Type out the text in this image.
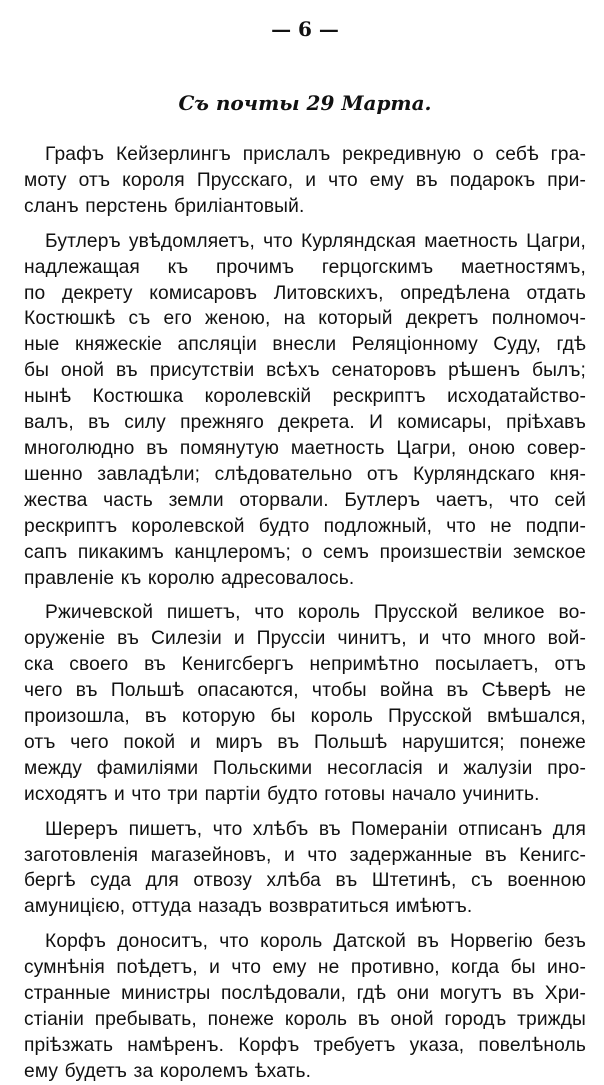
— 6 —
Съ почты 29 Марта.
Графъ Кейзерлингъ прислалъ рекредивную о себѣ гра-
моту отъ короля Прусскаго, и что ему въ подарокъ при-
сланъ перстень бриліантовый.
Бутлеръ увѣдомляетъ, что Курляндская маетность Цагри,
надлежащая къ прочимъ герцогскимъ маетностямъ,
по декрету комисаровъ Литовскихъ, опредѣлена отдать
Костюшкѣ съ его женою, на который декретъ полномоч-
ные княжескіе апсляціи внесли Реляціонному Суду, гдѣ
бы оной въ присутствіи всѣхъ сенаторовъ рѣшенъ былъ;
нынѣ Костюшка королевскій рескриптъ исходатайство-
валъ, въ силу прежняго декрета. И комисары, пріѣхавъ
многолюдно въ помянутую маетность Цагри, оною совер-
шенно завладѣли; слѣдовательно отъ Курляндскаго кня-
жества часть земли оторвали. Бутлеръ чаетъ, что сей
рескриптъ королевской будто подложный, что не подпи-
сапъ пикакимъ канцлеромъ; о семъ произшествіи земское
правленіе къ королю адресовалось.
Ржичевской пишетъ, что король Прусской великое во-
оруженіе въ Силезіи и Пруссіи чинитъ, и что много вой-
ска своего въ Кенигсбергъ непримѣтно посылаетъ, отъ
чего въ Польшѣ опасаются, чтобы война въ Сѣверѣ не
произошла, въ которую бы король Прусской вмѣшался,
отъ чего покой и миръ въ Польшѣ нарушится; понеже
между фамиліями Польскими несогласія и жалузіи про-
исходятъ и что три партіи будто готовы начало учинить.
Шереръ пишетъ, что хлѣбъ въ Помераніи отписанъ для
заготовленія магазейновъ, и что задержанные въ Кенигс-
бергѣ суда для отвозу хлѣба въ Штетинѣ, съ военною
амуницією, оттуда назадъ возвратиться имѣютъ.
Корфъ доноситъ, что король Датской въ Норвегію безъ
сумнѣнія поѣдетъ, и что ему не противно, когда бы ино-
странные министры послѣдовали, гдѣ они могутъ въ Хри-
стіаніи пребывать, понеже король въ оной городъ трижды
пріѣзжать намѣренъ. Корфъ требуетъ указа, повелѣноль
ему будетъ за королемъ ѣхать.
